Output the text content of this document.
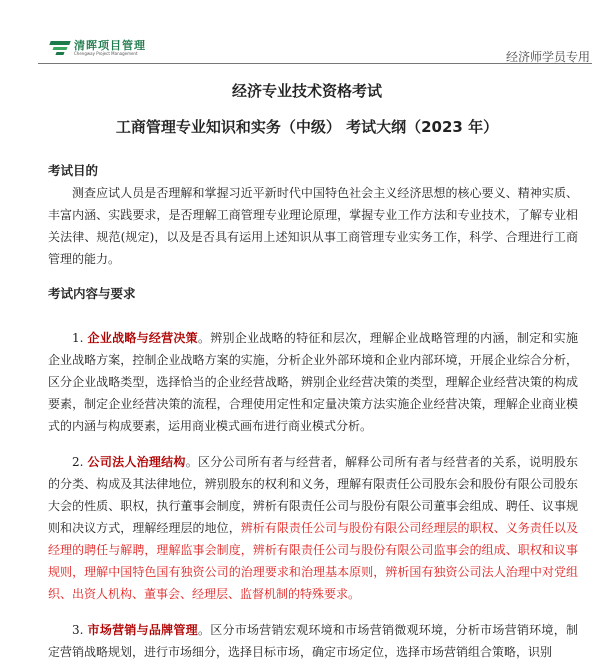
清晖项目管理
Chengway Project Management	经济师学员专用
经济专业技术资格考试
工商管理专业知识和实务（中级） 考试大纲（2023 年）

考试目的

测查应试人员是否理解和掌握习近平新时代中国特色社会主义经济思想的核心要义、精神实质、丰富内涵、实践要求，是否理解工商管理专业理论原理，掌握专业工作方法和专业技术，了解专业相关法律、规范(规定)，以及是否具有运用上述知识从事工商管理专业实务工作，科学、合理进行工商管理的能力。

考试内容与要求

1. 企业战略与经营决策。辨别企业战略的特征和层次，理解企业战略管理的内涵，制定和实施企业战略方案，控制企业战略方案的实施，分析企业外部环境和企业内部环境，开展企业综合分析，区分企业战略类型，选择恰当的企业经营战略，辨别企业经营决策的类型，理解企业经营决策的构成要素，制定企业经营决策的流程，合理使用定性和定量决策方法实施企业经营决策，理解企业商业模式的内涵与构成要素，运用商业模式画布进行商业模式分析。

2. 公司法人治理结构。区分公司所有者与经营者，解释公司所有者与经营者的关系，说明股东的分类、构成及其法律地位，辨别股东的权利和义务，理解有限责任公司股东会和股份有限公司股东大会的性质、职权，执行董事会制度，辨析有限责任公司与股份有限公司董事会组成、聘任、议事规则和决议方式，理解经理层的地位，辨析有限责任公司与股份有限公司经理层的职权、义务责任以及经理的聘任与解聘，理解监事会制度，辨析有限责任公司与股份有限公司监事会的组成、职权和议事规则，理解中国特色国有独资公司的治理要求和治理基本原则，辨析国有独资公司法人治理中对党组织、出资人机构、董事会、经理层、监督机制的特殊要求。

3. 市场营销与品牌管理。区分市场营销宏观环境和市场营销微观环境，分析市场营销环境，制定营销战略规划，进行市场细分，选择目标市场，确定市场定位，选择市场营销组合策略，识别
